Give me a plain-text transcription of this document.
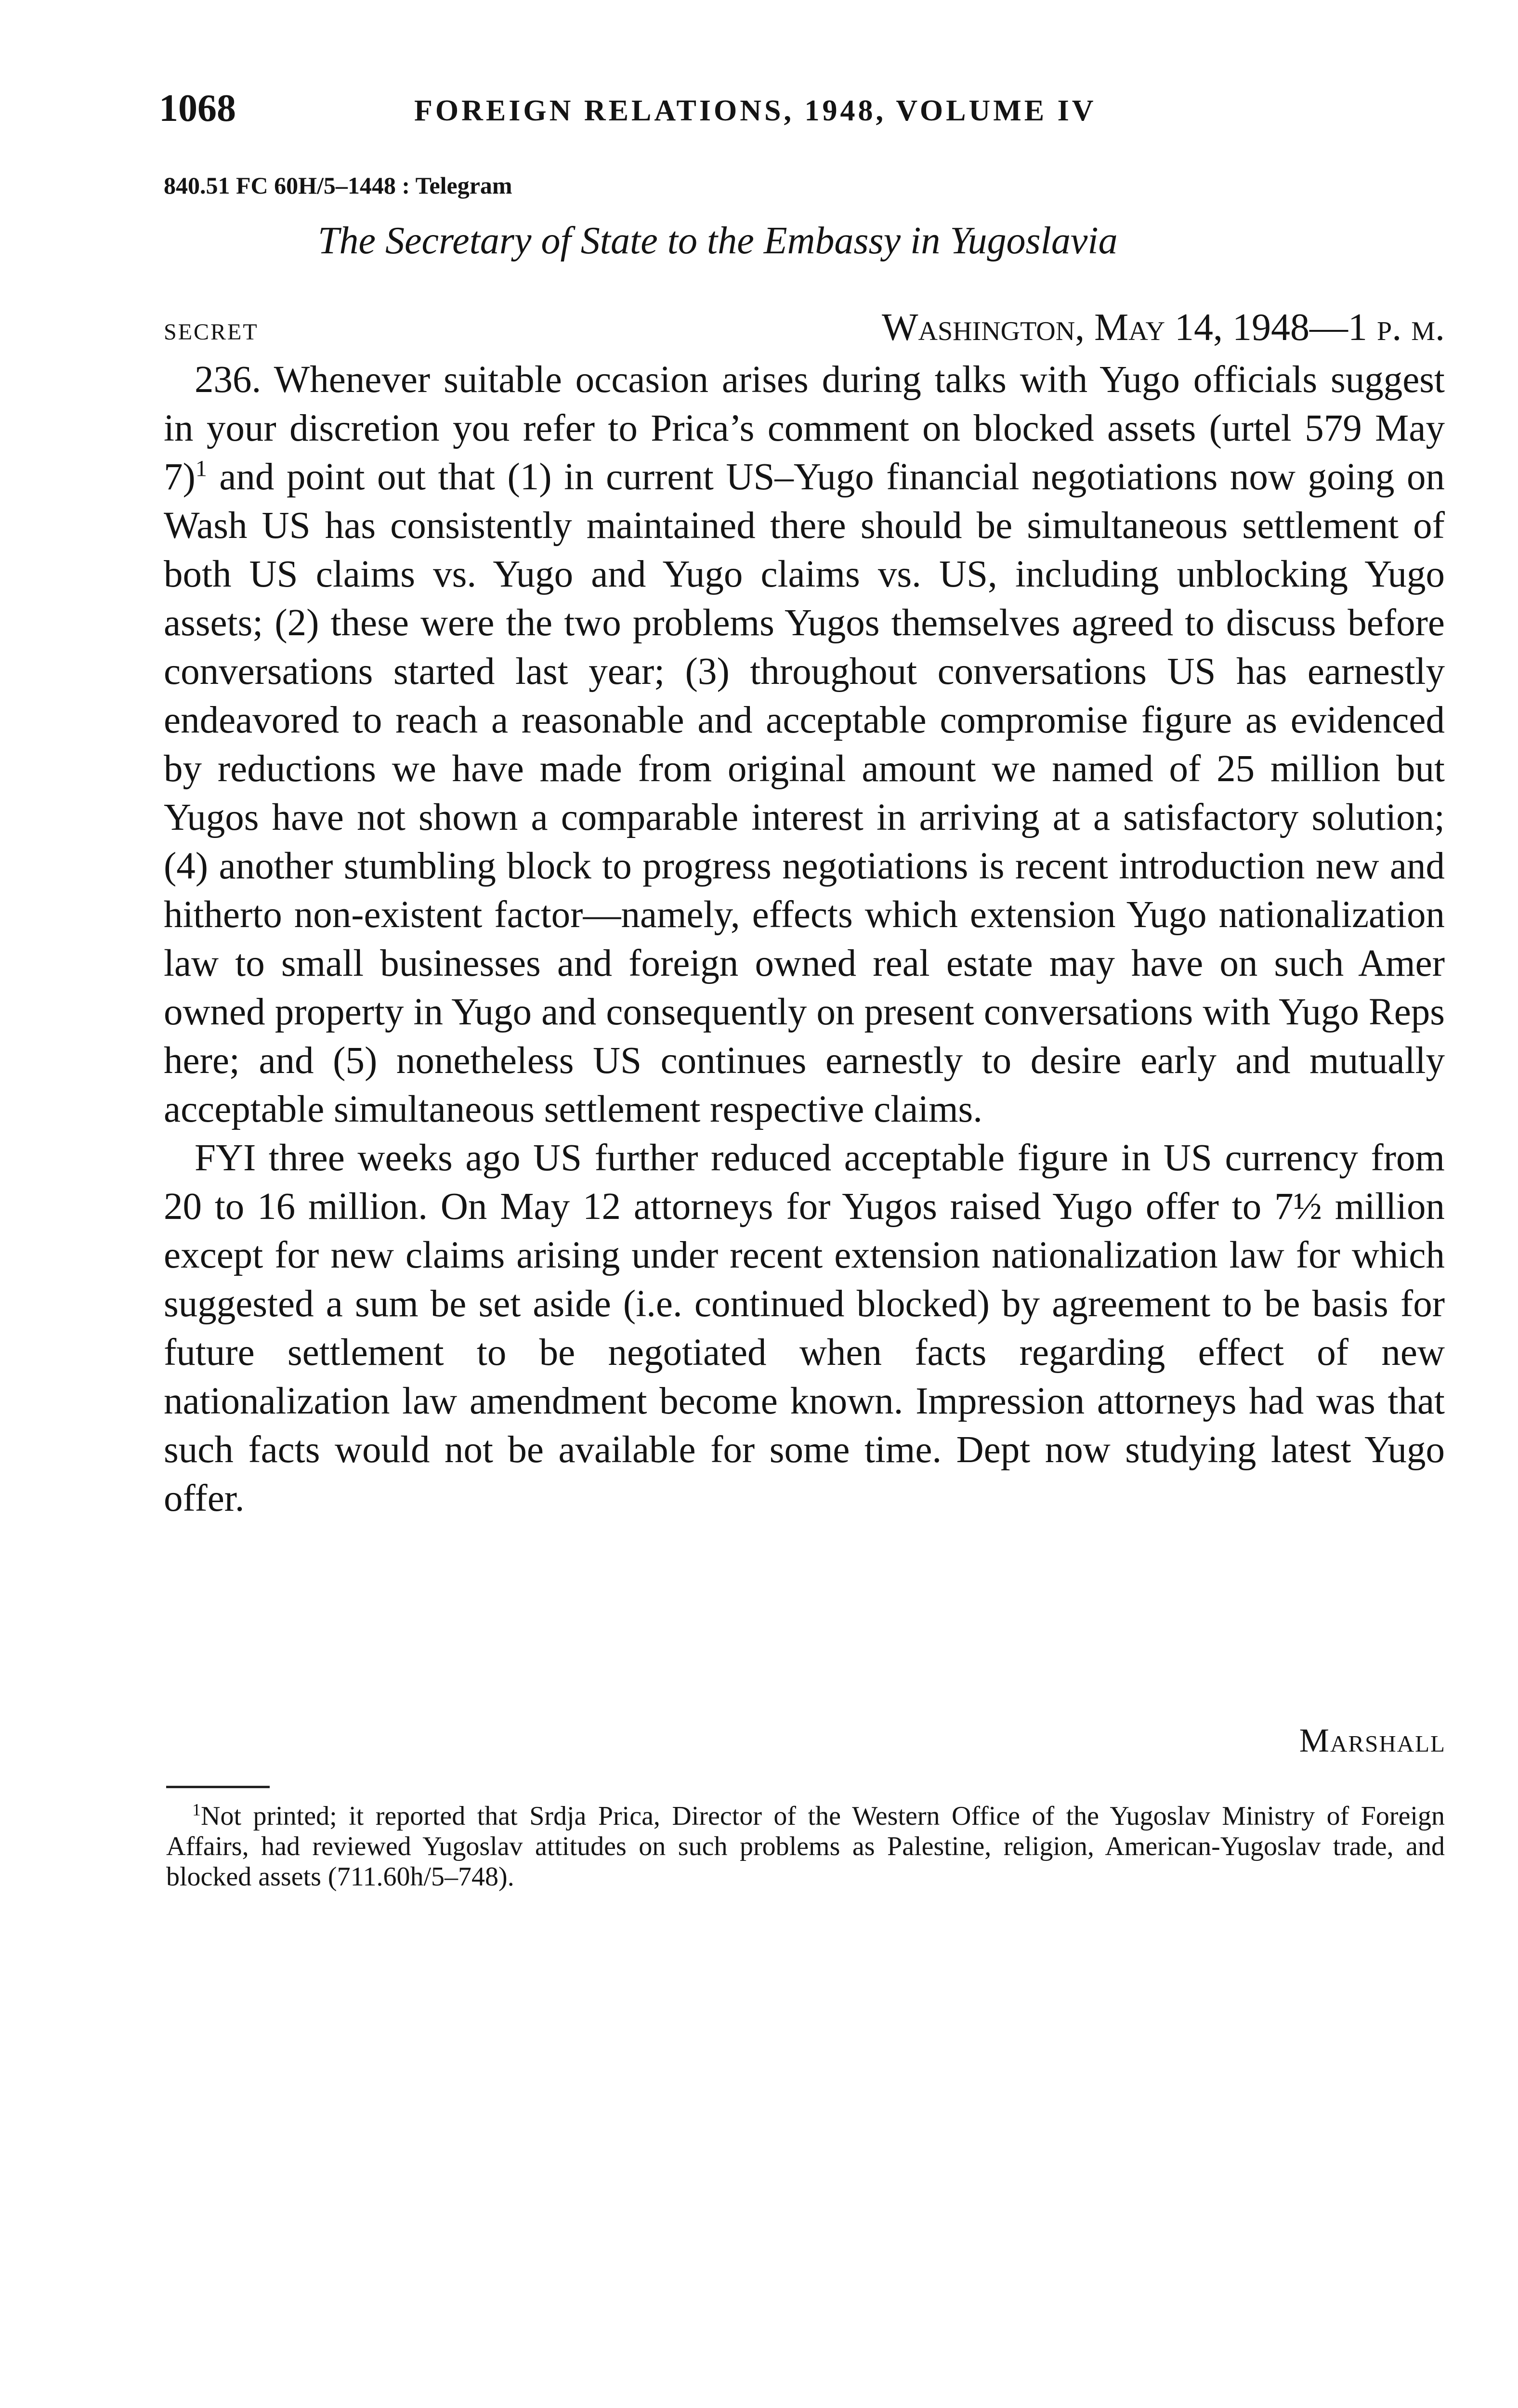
1068	FOREIGN RELATIONS, 1948, VOLUME IV
840.51 FC 60H/5–1448 : Telegram
The Secretary of State to the Embassy in Yugoslavia
SECRET	Washington, May 14, 1948—1 p. m.

236. Whenever suitable occasion arises during talks with Yugo officials suggest in your discretion you refer to Prica’s comment on blocked assets (urtel 579 May 7)$^1$ and point out that (1) in current US–Yugo financial negotiations now going on Wash US has consistently maintained there should be simultaneous settlement of both US claims vs. Yugo and Yugo claims vs. US, including unblocking Yugo assets; (2) these were the two problems Yugos themselves agreed to discuss before conversations started last year; (3) throughout conversations US has earnestly endeavored to reach a reasonable and acceptable compromise figure as evidenced by reductions we have made from original amount we named of 25 million but Yugos have not shown a comparable interest in arriving at a satisfactory solution; (4) another stumbling block to progress negotiations is recent introduction new and hitherto non-existent factor—namely, effects which extension Yugo nationalization law to small businesses and foreign owned real estate may have on such Amer owned property in Yugo and consequently on present conversations with Yugo Reps here; and (5) nonetheless US continues earnestly to desire early and mutually acceptable simultaneous settlement respective claims.

FYI three weeks ago US further reduced acceptable figure in US currency from 20 to 16 million. On May 12 attorneys for Yugos raised Yugo offer to 7½ million except for new claims arising under recent extension nationalization law for which suggested a sum be set aside (i.e. continued blocked) by agreement to be basis for future settlement to be negotiated when facts regarding effect of new nationalization law amendment become known. Impression attorneys had was that such facts would not be available for some time. Dept now studying latest Yugo offer.

Marshall
$^1$Not printed; it reported that Srdja Prica, Director of the Western Office of the Yugoslav Ministry of Foreign Affairs, had reviewed Yugoslav attitudes on such problems as Palestine, religion, American-Yugoslav trade, and blocked assets (711.60h/5–748).
